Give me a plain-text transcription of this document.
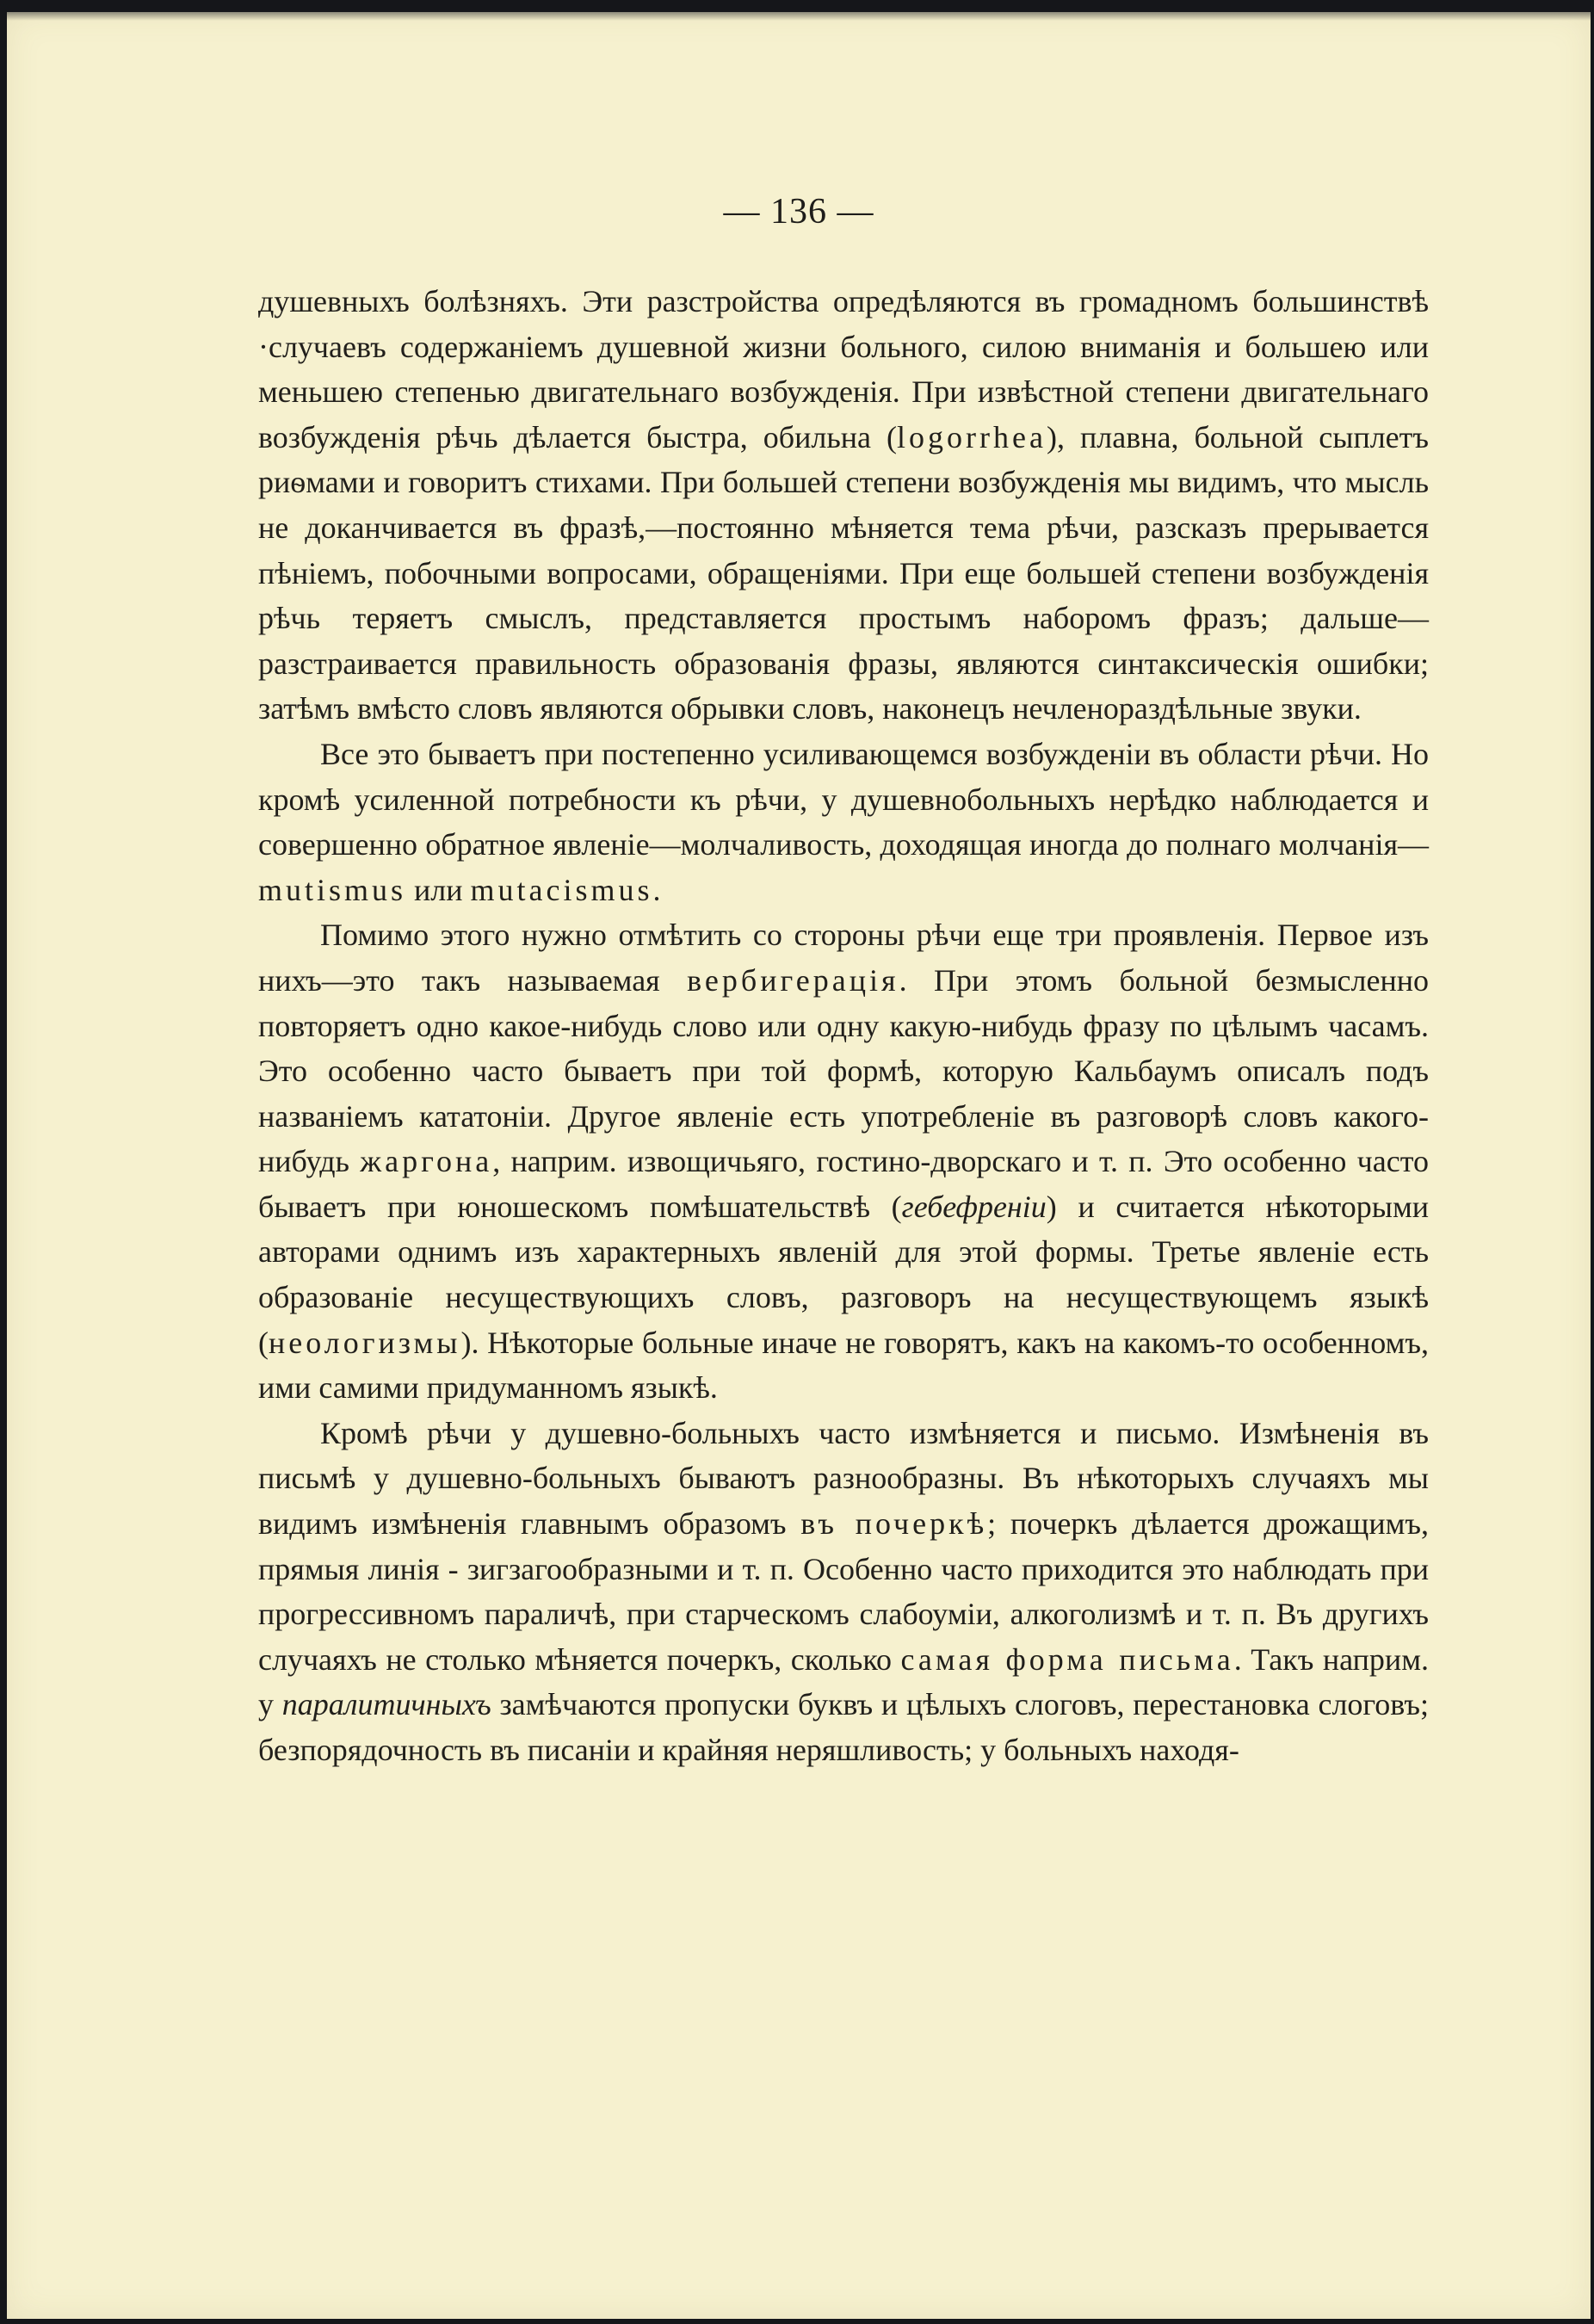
— 136 —

душевныхъ болѣзняхъ. Эти разстройства опредѣляются въ громадномъ большинствѣ ·случаевъ содержаніемъ душевной жизни больного, силою вниманія и большею или меньшею степенью двигательнаго возбужденія. При извѣстной степени двигательнаго возбужденія рѣчь дѣлается быстра, обильна (logorrhea), плавна, больной сыплетъ риѳмами и говоритъ стихами. При большей степени возбужденія мы видимъ, что мысль не доканчивается въ фразѣ,—постоянно мѣняется тема рѣчи, разсказъ прерывается пѣніемъ, побочными вопросами, обращеніями. При еще большей степени возбужденія рѣчь теряетъ смыслъ, представляется простымъ наборомъ фразъ; дальше—разстраивается правильность образованія фразы, являются синтаксическія ошибки; затѣмъ вмѣсто словъ являются обрывки словъ, наконецъ нечленораздѣльные звуки.

Все это бываетъ при постепенно усиливающемся возбужденіи въ области рѣчи. Но кромѣ усиленной потребности къ рѣчи, у душевнобольныхъ нерѣдко наблюдается и совершенно обратное явленіе—молчаливость, доходящая иногда до полнаго молчанія—mutismus или mutacismus.

Помимо этого нужно отмѣтить со стороны рѣчи еще три проявленія. Первое изъ нихъ—это такъ называемая вербигерація. При этомъ больной безмысленно повторяетъ одно какое-нибудь слово или одну какую-нибудь фразу по цѣлымъ часамъ. Это особенно часто бываетъ при той формѣ, которую Кальбаумъ описалъ подъ названіемъ кататоніи. Другое явленіе есть употребленіе въ разговорѣ словъ какого-нибудь жаргона, наприм. извощичьяго, гостино-дворскаго и т. п. Это особенно часто бываетъ при юношескомъ помѣшательствѣ (гебефреніи) и считается нѣкоторыми авторами однимъ изъ характерныхъ явленій для этой формы. Третье явленіе есть образованіе несуществующихъ словъ, разговоръ на несуществующемъ языкѣ (неологизмы). Нѣкоторые больные иначе не говорятъ, какъ на какомъ-то особенномъ, ими самими придуманномъ языкѣ.

Кромѣ рѣчи у душевно-больныхъ часто измѣняется и письмо. Измѣненія въ письмѣ у душевно-больныхъ бываютъ разнообразны. Въ нѣкоторыхъ случаяхъ мы видимъ измѣненія главнымъ образомъ въ почеркѣ; почеркъ дѣлается дрожащимъ, прямыя линія - зигзагообразными и т. п. Особенно часто приходится это наблюдать при прогрессивномъ параличѣ, при старческомъ слабоуміи, алкоголизмѣ и т. п. Въ другихъ случаяхъ не столько мѣняется почеркъ, сколько самая форма письма. Такъ наприм. у паралитичныхъ замѣчаются пропуски буквъ и цѣлыхъ слоговъ, перестановка слоговъ; безпорядочность въ писаніи и крайняя неряшливость; у больныхъ находя-
